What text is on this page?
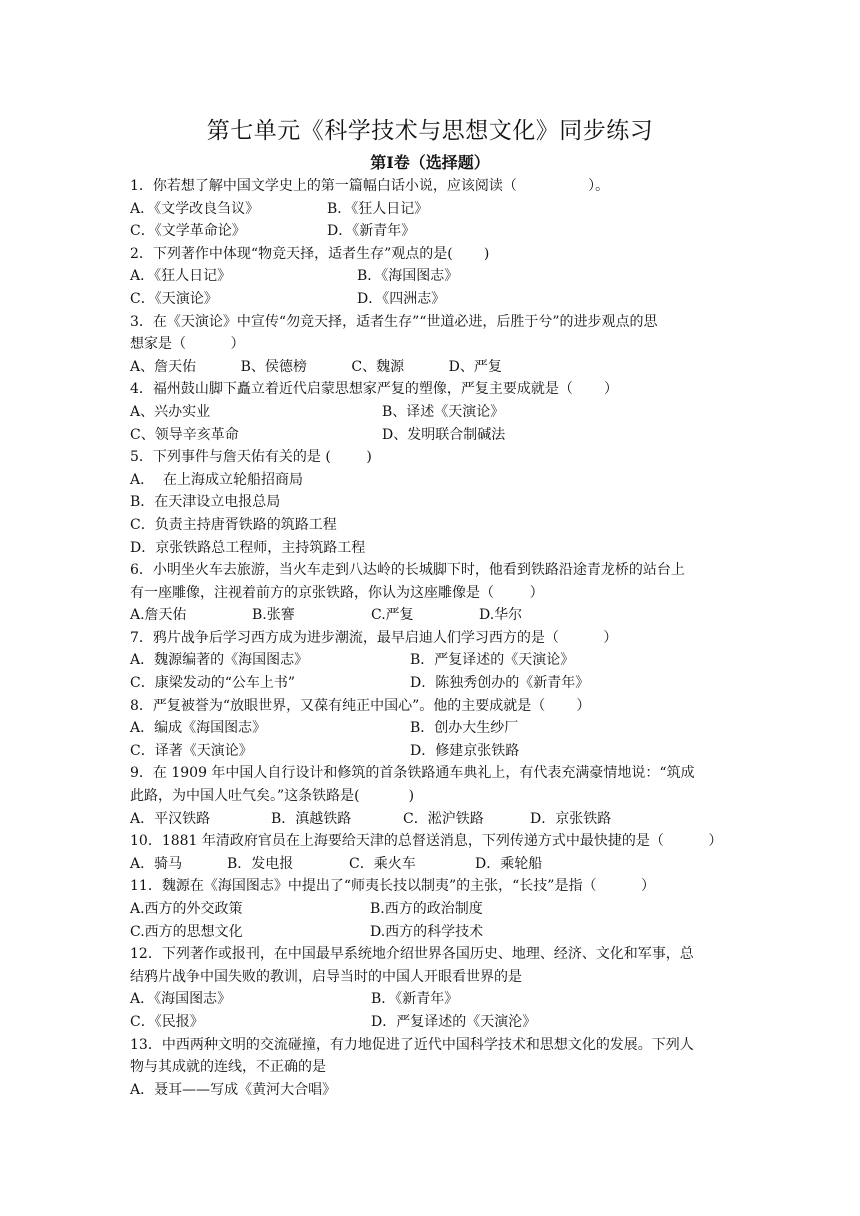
第七单元《科学技术与思想文化》同步练习
第Ⅰ卷（选择题）
1．你若想了解中国文学史上的第一篇幅白话小说，应该阅读（                ）。

A．《文学改良刍议》

	B．《狂人日记》

C．《文学革命论》

	D．《新青年》

2．下列著作中体现“物竞天择，适者生存”观点的是(       )

A．《狂人日记》

	B．《海国图志》

C．《天演论》

	D．《四洲志》

3．在《天演论》中宣传“勿竞天择，适者生存”“世道必进，后胜于兮”的进步观点的思
想家是（          ）
A、詹天佑          B、侯德榜          C、魏源          D、严复
4．福州鼓山脚下矗立着近代启蒙思想家严复的塑像，严复主要成就是（       ）

A、兴办实业

	B、译述《天演论》

C、领导辛亥革命

	D、发明联合制碱法

5．下列事件与詹天佑有关的是 (        )
A．  在上海成立轮船招商局
B．在天津设立电报总局
C．负责主持唐胥铁路的筑路工程
D．京张铁路总工程师，主持筑路工程
6．小明坐火车去旅游，当火车走到八达岭的长城脚下时，他看到铁路沿途青龙桥的站台上
有一座雕像，注视着前方的京张铁路，你认为这座雕像是（        ）

A.詹天佑

	B.张謇

	C.严复

	D.华尔

7．鸦片战争后学习西方成为进步潮流，最早启迪人们学习西方的是（          ）

A．魏源编著的《海国图志》

	B．严复译述的《天演论》

C．康梁发动的“公车上书”

	D．陈独秀创办的《新青年》

8．严复被誉为“放眼世界，又葆有纯正中国心”。他的主要成就是（       ）

A．编成《海国图志》

	B．创办大生纱厂

C．译著《天演论》

	D．修建京张铁路

9．在 1909 年中国人自行设计和修筑的首条铁路通车典礼上，有代表充满豪情地说：“筑成
此路，为中国人吐气矣。”这条铁路是(           )

A．平汉铁路

	B．滇越铁路

	C．淞沪铁路

	D．京张铁路

10．1881 年清政府官员在上海要给天津的总督送消息，下列传递方式中最快捷的是（          ）

A．骑马

	B．发电报

	C．乘火车

	D．乘轮船

11．魏源在《海国图志》中提出了“师夷长技以制夷”的主张，“长技”是指（          ）

A.西方的外交政策

	B.西方的政治制度

C.西方的思想文化

	D.西方的科学技术

12．下列著作或报刊，在中国最早系统地介绍世界各国历史、地理、经济、文化和军事，总
结鸦片战争中国失败的教训，启导当时的中国人开眼看世界的是

A．《海国图志》

	B．《新青年》

C．《民报》

	D．严复译述的《天演沦》

13．中西两种文明的交流碰撞，有力地促进了近代中国科学技术和思想文化的发展。下列人
物与其成就的连线，不正确的是
A．聂耳——写成《黄河大合唱》
